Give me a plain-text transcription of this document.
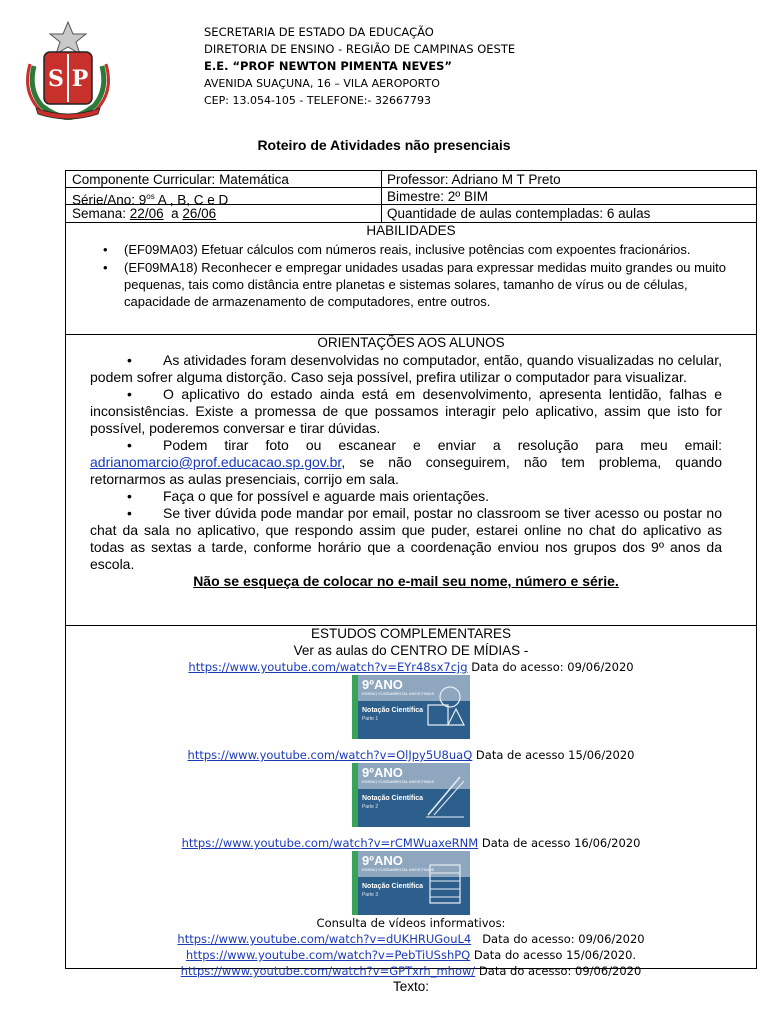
S P
SECRETARIA DE ESTADO DA EDUCAÇÃO
DIRETORIA DE ENSINO - REGIÃO DE CAMPINAS OESTE
E.E. “PROF NEWTON PIMENTA NEVES”
AVENIDA SUAÇUNA, 16 – VILA AEROPORTO
CEP: 13.054-105 - TELEFONE:- 32667793
Roteiro de Atividades não presenciais
Componente Curricular: Matemática	Professor: Adriano M T Preto
Série/Ano: $9^{os}$ A , B, C e D	Bimestre: 2º BIM
Semana: 22/06  a 26/06	Quantidade de aulas contempladas: 6 aulas
HABILIDADES
• (EF09MA03) Efetuar cálculos com números reais, inclusive potências com expoentes fracionários.
• (EF09MA18) Reconhecer e empregar unidades usadas para expressar medidas muito grandes ou muito pequenas, tais como distância entre planetas e sistemas solares, tamanho de vírus ou de células, capacidade de armazenamento de computadores, entre outros.
ORIENTAÇÕES AOS ALUNOS

• As atividades foram desenvolvidas no computador, então, quando visualizadas no celular, podem sofrer alguma distorção. Caso seja possível, prefira utilizar o computador para visualizar.

• O aplicativo do estado ainda está em desenvolvimento, apresenta lentidão, falhas e inconsistências. Existe a promessa de que possamos interagir pelo aplicativo, assim que isto for possível, poderemos conversar e tirar dúvidas.

• Podem tirar foto ou escanear e enviar a resolução para meu email: adrianomarcio@prof.educacao.sp.gov.br, se não conseguirem, não tem problema, quando retornarmos as aulas presenciais, corrijo em sala.

• Faça o que for possível e aguarde mais orientações.

• Se tiver dúvida pode mandar por email, postar no classroom se tiver acesso ou postar no chat da sala no aplicativo, que respondo assim que puder, estarei online no chat do aplicativo as todas as sextas a tarde, conforme horário que a coordenação enviou nos grupos dos 9º anos da escola.

Não se esqueça de colocar no e-mail seu nome, número e série.

ESTUDOS COMPLEMENTARES
Ver as aulas do CENTRO DE MÍDIAS -
https://www.youtube.com/watch?v=EYr48sx7cjg Data do acesso: 09/06/2020
9ºANO
ENSINO FUNDAMENTAL ANOS FINAIS
Notação Científica
Parte 1
https://www.youtube.com/watch?v=OlJpy5U8uaQ Data de acesso 15/06/2020
9ºANO
ENSINO FUNDAMENTAL ANOS FINAIS
Notação Científica
Parte 2
https://www.youtube.com/watch?v=rCMWuaxeRNM Data de acesso 16/06/2020
9ºANO
ENSINO FUNDAMENTAL ANOS FINAIS
Notação Científica
Parte 3
Consulta de vídeos informativos:
https://www.youtube.com/watch?v=dUKHRUGouL4   Data do acesso: 09/06/2020
https://www.youtube.com/watch?v=PebTiUSshPQ Data do acesso 15/06/2020.
https://www.youtube.com/watch?v=GPTxrh_mhow/ Data do acesso: 09/06/2020
Texto:
